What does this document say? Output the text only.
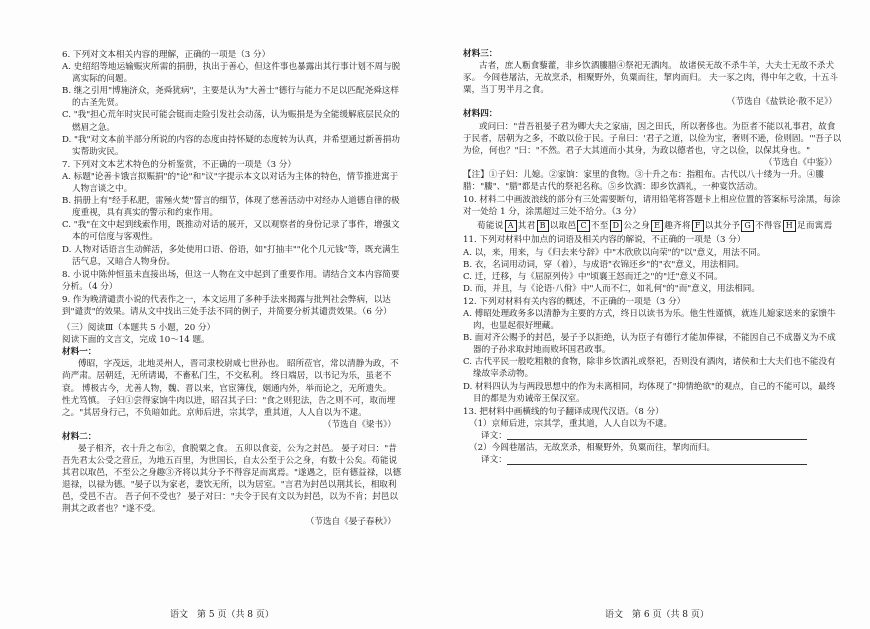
6. 下列对文本相关内容的理解，正确的一项是（3 分）

A. 史绍绍等地运输赈灾所需的捐册，执出于善心，但这件事也暴露出其行事计划不周与脱离实际的问题。

B. 继之引用"博施济众，尧舜犹病"，主要是认为"大善士"德行与能力不足以匹配尧舜这样的古圣先贤。

C. "我"担心荒年时灾民可能会铤而走险引发社会动荡，认为赈捐是为全能缓解底层民众的燃眉之急。

D. "我"对文本前半部分所说的内容的态度由持怀疑的态度转为认真，并希望通过新善捐功实帮助灾民。

7. 下列对文本艺术特色的分析鉴赏，不正确的一项是（3 分）

A. 标题"论善卡饿言拟赈捐"的"论"和"议"字提示本文以对话为主体的特色，情节推进寓于人物言谈之中。

B. 捐册上有"经手私肥，雷殛火焚"誓言的细节，体现了慈善活动中对经办人道德自律的极度重视，具有真实的警示和约束作用。

C. "我"在文中起到线索作用，既推动对话的展开，又以观察者的身份记录了事件，增强文本的可信度与客观性。

D. 人物对话语言生动鲜活，多处使用口语、俗语，如"打抽丰""化个几元钱"等，既充满生活气息，又暗合人物身份。

8. 小说中陈仲恒虽未直接出场，但这一人物在文中起到了重要作用。请结合文本内容简要分析。（4 分）

9. 作为晚清谴责小说的代表作之一，本文运用了多种手法来揭露与批判社会弊病，以达到"谴责"的效果。请从文中找出三处手法不同的例子，并简要分析其谴责效果。（6 分）

（三）阅读Ⅲ（本题共 5 小题，20 分）

阅读下面的文言文，完成 10～14 题。

材料一：

傅昭，字茂远，北地灵州人，晋司隶校尉咸七世孙也。 昭所莅官，常以清静为政，不尚严肃。居朝廷，无所请谒，不畜私门生，不交私利。 终日端居，以书记为乐，虽老不衰。 博极古今，尤善人物，魏、晋以来，官宦簿伐，姻通内外，举而论之，无所遗失。 性尤笃慎。 子妇①尝得家饷牛肉以进，昭召其子曰："食之则犯法，告之则不可，取而埋之。"其居身行己，不负暗如此。京师后进，宗其学，重其道，人人自以为不逮。

（节选自《梁书》）

材料二：

晏子相齐，衣十升之布②，食脱粟之食。 五卯以食妾，公为之封邑。 晏子对曰："昔吾先君太公受之营丘，为地五百里，为世国长，自太公至于公之身，有数十公矣。苟能说其君以取邑，不至公之身趣③齐将以其分予不得容足而寓焉。"遂遇之，臣有德益禄，以德退禄，以禄为德。"晏子以为家老，妻饮无所，以为居室。"言君为封邑以荆其长，相取利邑，受邑不吉。 吾子何不受也？ 晏子对曰："夫令于民有文以为封邑，以为不肯；封邑以荆其之政者也？"遂不受。

（节选自《晏子春秋》）

语文　第 5 页（共 8 页）

材料三：

古者，庶人粝食藜藿，非乡饮酒膢腊④祭祀无酒肉。 故诸侯无故不杀牛羊，大夫士无故不杀犬豕。 今闾巷屠沽，无故烹杀，相聚野外，负粟而往，挈肉而归。 夫一豕之肉，得中年之收，十五斗粟，当丁男半月之食。

（节选自《盐铁论·散不足》）

材料四：

或问曰："昔吾祖晏子君为卿大夫之家庙，因之田氏，所以奢侈也。为臣者不能以礼事君，故食于民者，居朝为之多，不敢以俭于民。子帛曰：'君子之道，以俭为宝，奢则不逊，俭则固。'"吾子以为俭，何也？"曰："不然。君子大其道而小其身，为政以德者也，守之以俭，以保其身也。"

（节选自《中鉴》）

【注】①子妇：儿媳。②家饷：家里的食物。③十升之布：指粗布。古代以八十缕为一升。④膢腊："膢"、"腊"都是古代的祭祀名称。⑤乡饮酒：即乡饮酒礼，一种宴饮活动。

10. 材料二中画波浪线的部分有三处需要断句，请用铅笔将答题卡上相应位置的答案标号涂黑，每涂对一处给 1 分，涂黑超过三处不给分。（3 分）

荀能说 A 其君 B 以取邑 C 不至 D 公之身 E 趣齐将 F 以其分予 G 不得容 H 足而寓焉

11. 下列对材料中加点的词语及相关内容的解说，不正确的一项是（3 分）

A. 以，来，用来，与《归去来兮辞》中"木欣欣以向荣"的"以"意义，用法不同。

B. 衣，名词用动词，穿（着），与成语"衣锦还乡"的"衣"意义，用法相同。

C. 迁，迁移，与《屈原列传》中"顷襄王怒而迁之"的"迁"意义不同。

D. 而，并且，与《论语·八佾》中"人而不仁，如礼何"的"而"意义，用法相同。

12. 下列对材料有关内容的概述，不正确的一项是（3 分）

A. 傅昭处理政务多以清静为主要的方式，终日以读书为乐。他生性谨慎，就连儿媳家送来的家馈牛肉，也显起很好埋藏。

B. 面对齐公赐予的封邑，晏子予以拒绝，认为臣子有德行才能加俸禄，不能因自己不成器义为不成器的子孙求取封地而败坏国君政事。

C. 古代平民一般吃粗粮的食物，除非乡饮酒礼或祭祀，否则没有酒肉，诸侯和士大夫们也不能没有缘故宰杀动物。

D. 材料四认为与两段思想中的作为未离相同，均体现了"抑情绝欲"的观点，自己的不能可以，最终目的都是为劝诫帝王保汉室。

13. 把材料中画横线的句子翻译成现代汉语。（8 分）

（1）京师后进，宗其学，重其道，人人自以为不逮。

译文：

（2）今闾巷屠沽，无故烹杀，相聚野外，负粟而往，挈肉而归。

译文：

语文　第 6 页（共 8 页）
